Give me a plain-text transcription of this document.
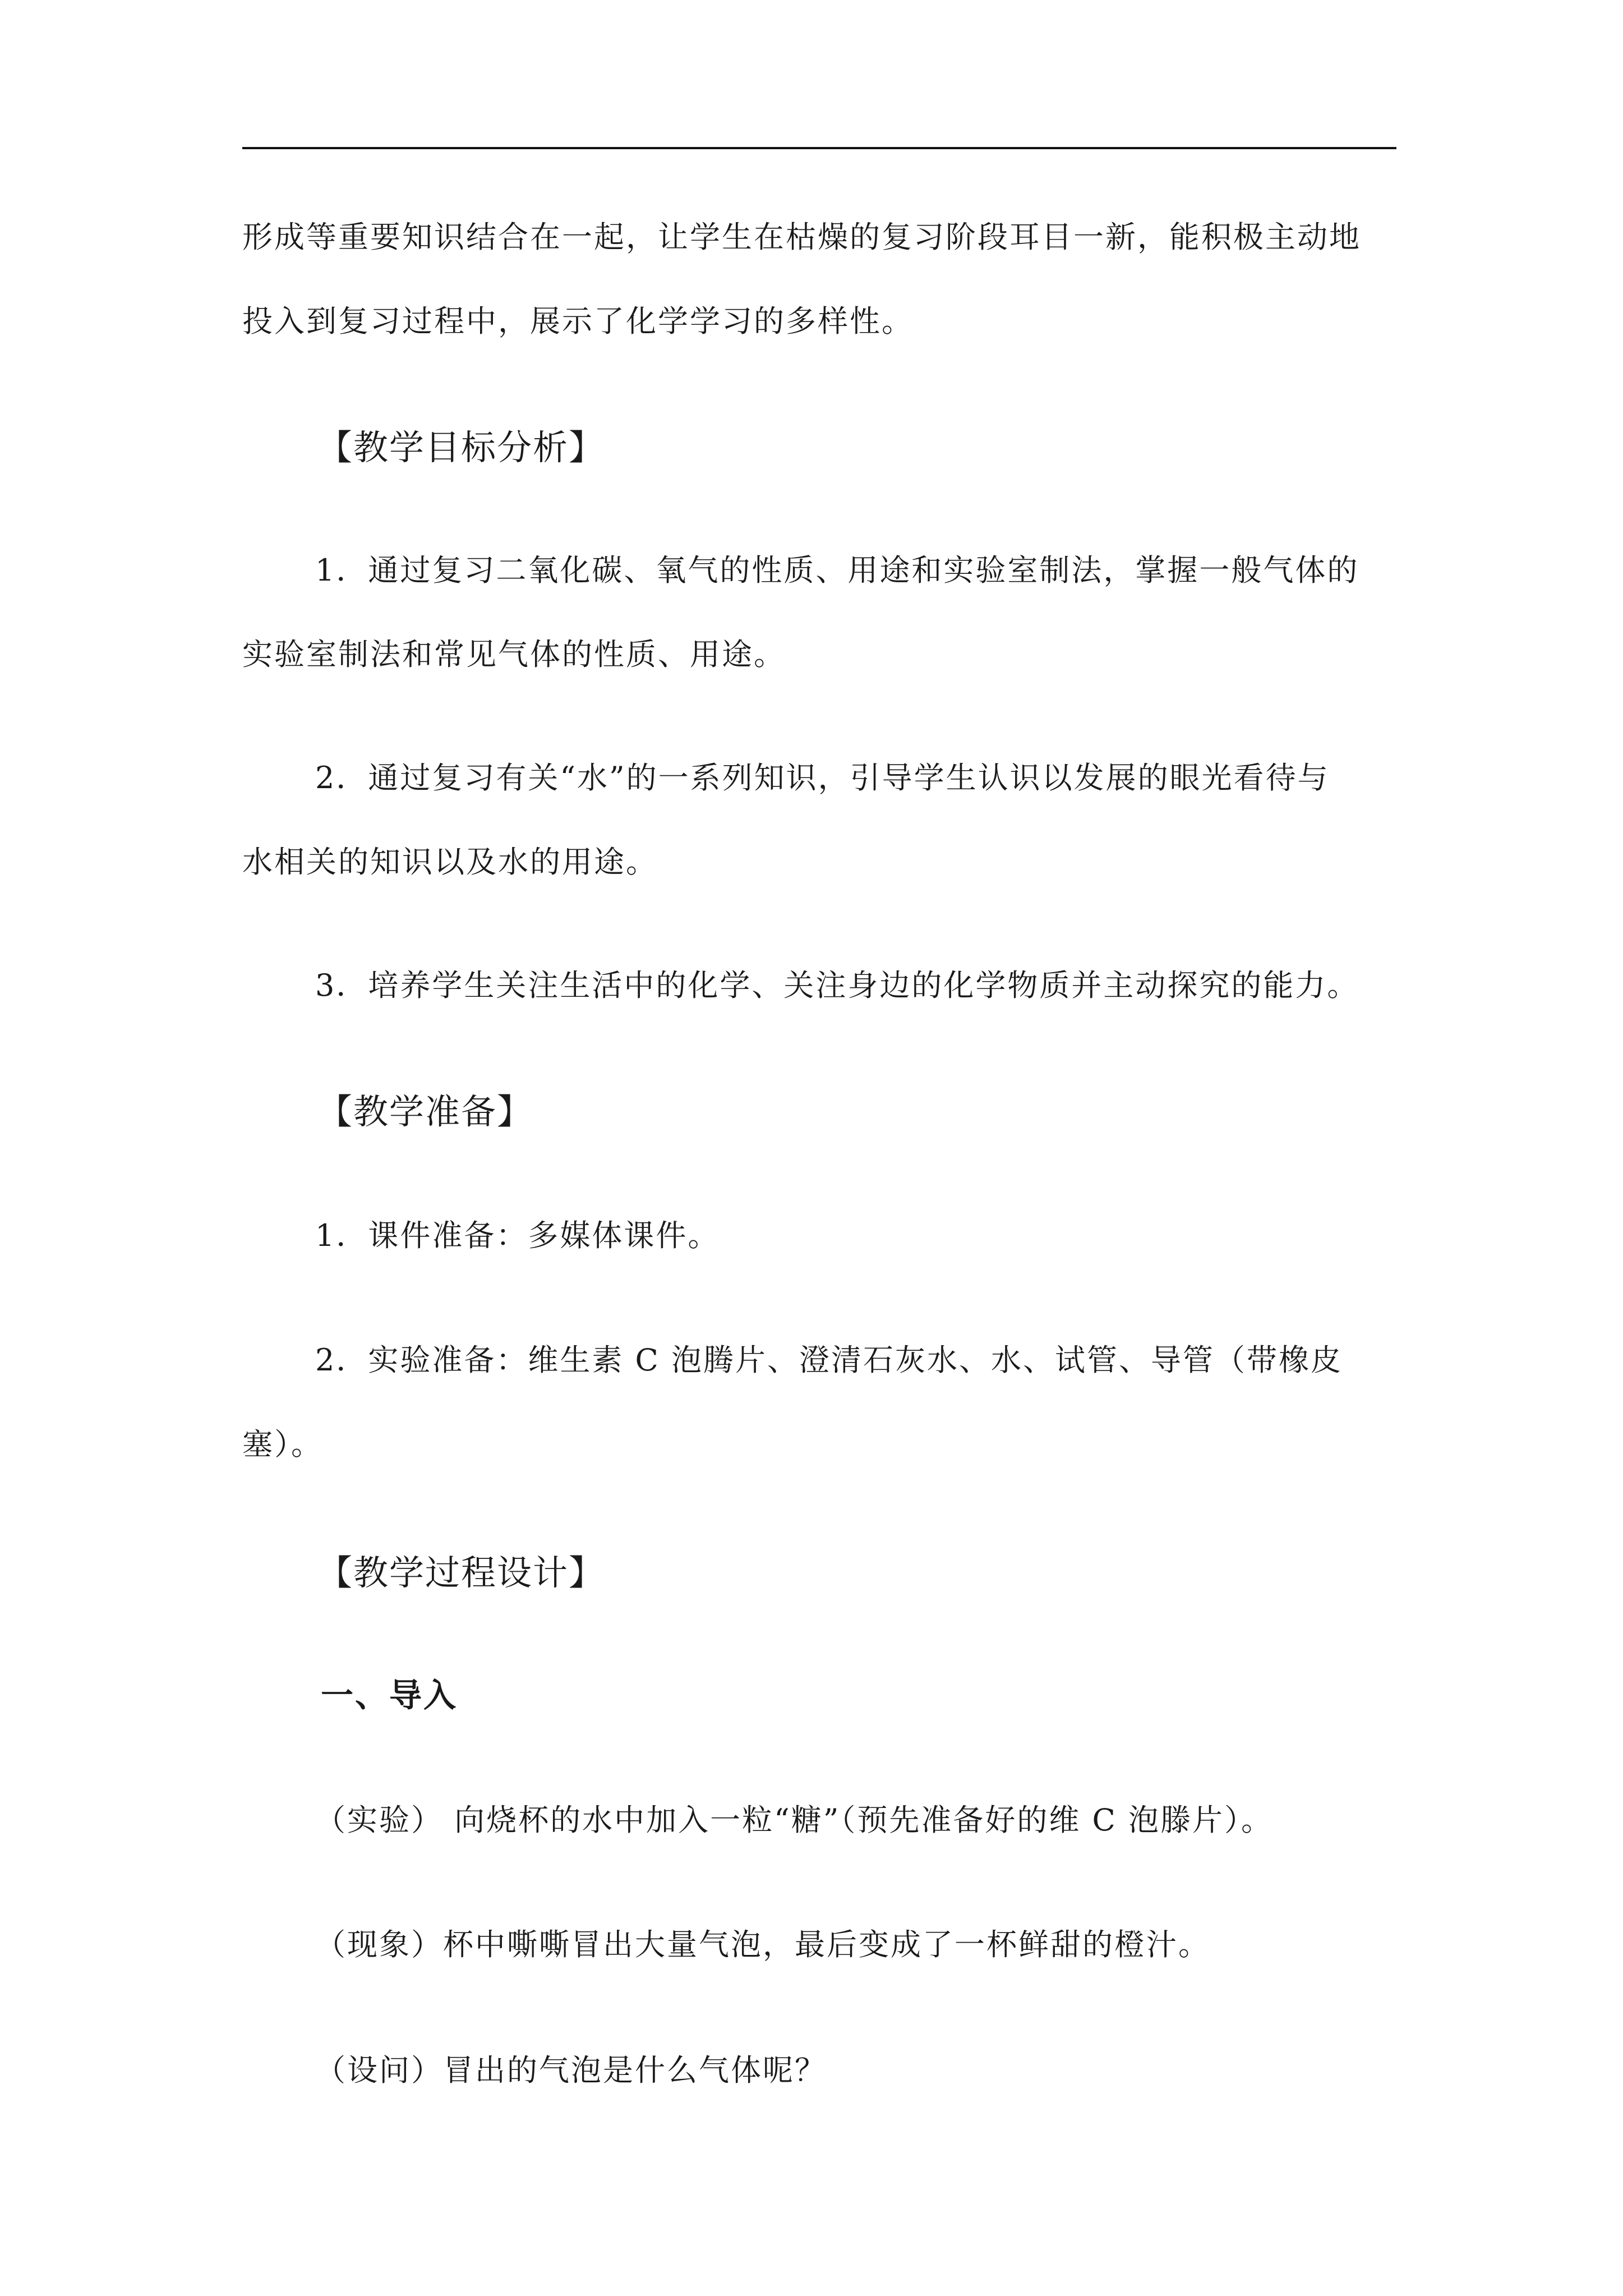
形成等重要知识结合在一起，让学生在枯燥的复习阶段耳目一新，能积极主动地
投入到复习过程中，展示了化学学习的多样性。
【教学目标分析】
1．通过复习二氧化碳、氧气的性质、用途和实验室制法，掌握一般气体的
实验室制法和常见气体的性质、用途。
2．通过复习有关“水”的一系列知识，引导学生认识以发展的眼光看待与
水相关的知识以及水的用途。
3．培养学生关注生活中的化学、关注身边的化学物质并主动探究的能力。
【教学准备】
1．课件准备：多媒体课件。
2．实验准备：维生素 C 泡腾片、澄清石灰水、水、试管、导管（带橡皮
塞）。
【教学过程设计】
一、导入
（实验） 向烧杯的水中加入一粒“糖”（预先准备好的维 C 泡滕片）。
（现象）杯中嘶嘶冒出大量气泡，最后变成了一杯鲜甜的橙汁。
（设问）冒出的气泡是什么气体呢？
